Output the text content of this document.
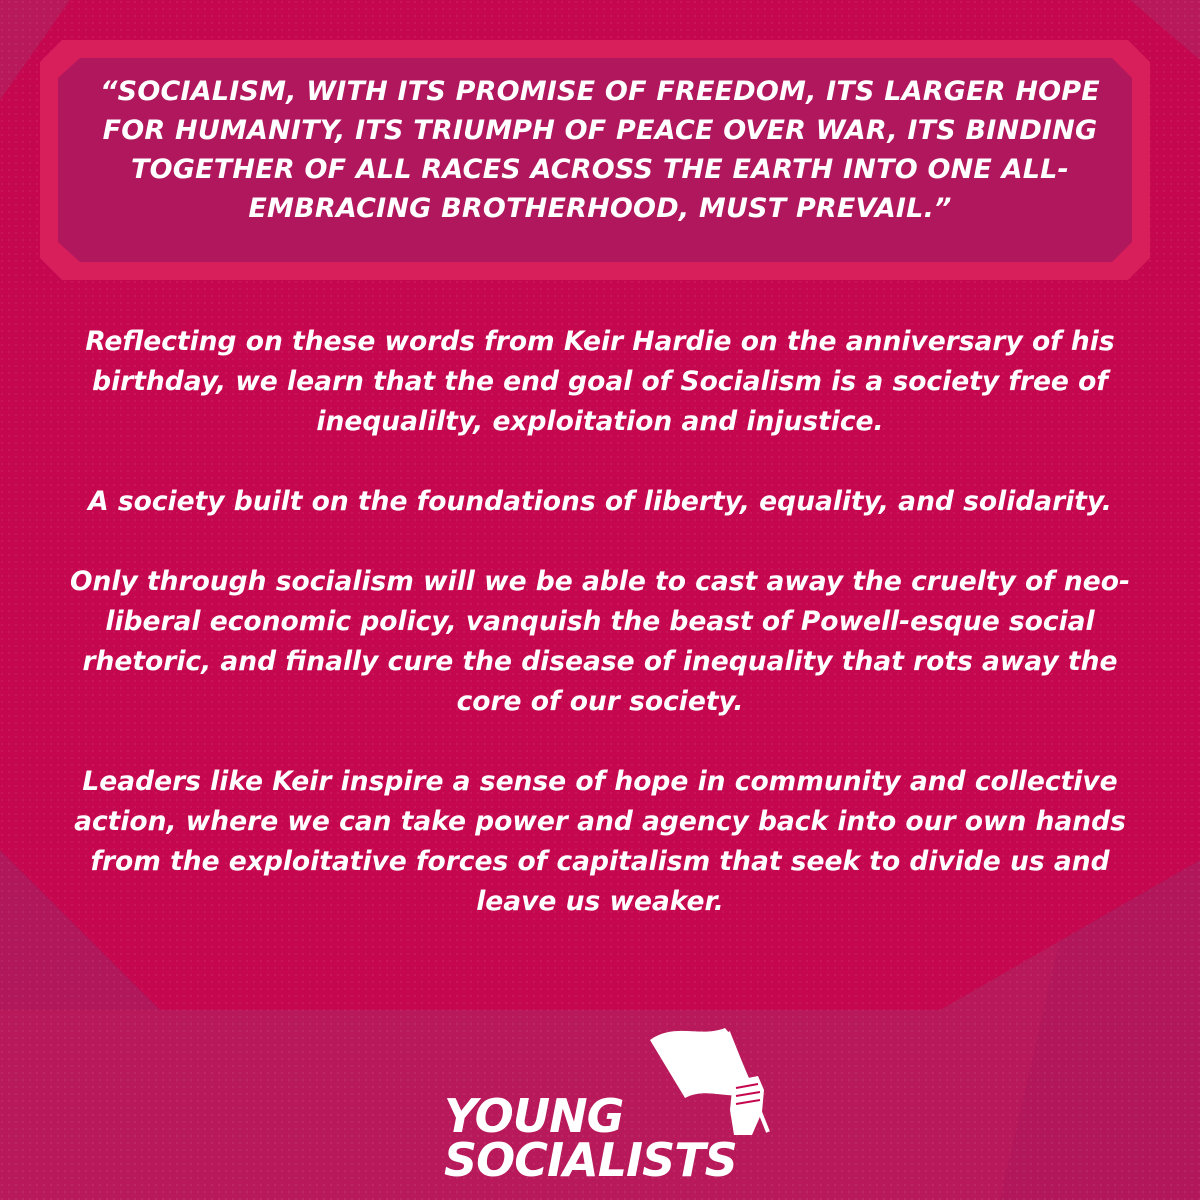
“SOCIALISM, WITH ITS PROMISE OF FREEDOM, ITS LARGER HOPE FOR HUMANITY, ITS TRIUMPH OF PEACE OVER WAR, ITS BINDING TOGETHER OF ALL RACES ACROSS THE EARTH INTO ONE ALL-EMBRACING BROTHERHOOD, MUST PREVAIL.”

Reflecting on these words from Keir Hardie on the anniversary of his birthday, we learn that the end goal of Socialism is a society free of inequalilty, exploitation and injustice.

A society built on the foundations of liberty, equality, and solidarity.

Only through socialism will we be able to cast away the cruelty of neo-liberal economic policy, vanquish the beast of Powell-esque social rhetoric, and finally cure the disease of inequality that rots away the core of our society.

Leaders like Keir inspire a sense of hope in community and collective action, where we can take power and agency back into our own hands from the exploitative forces of capitalism that seek to divide us and leave us weaker.

YOUNG
SOCIALISTS
